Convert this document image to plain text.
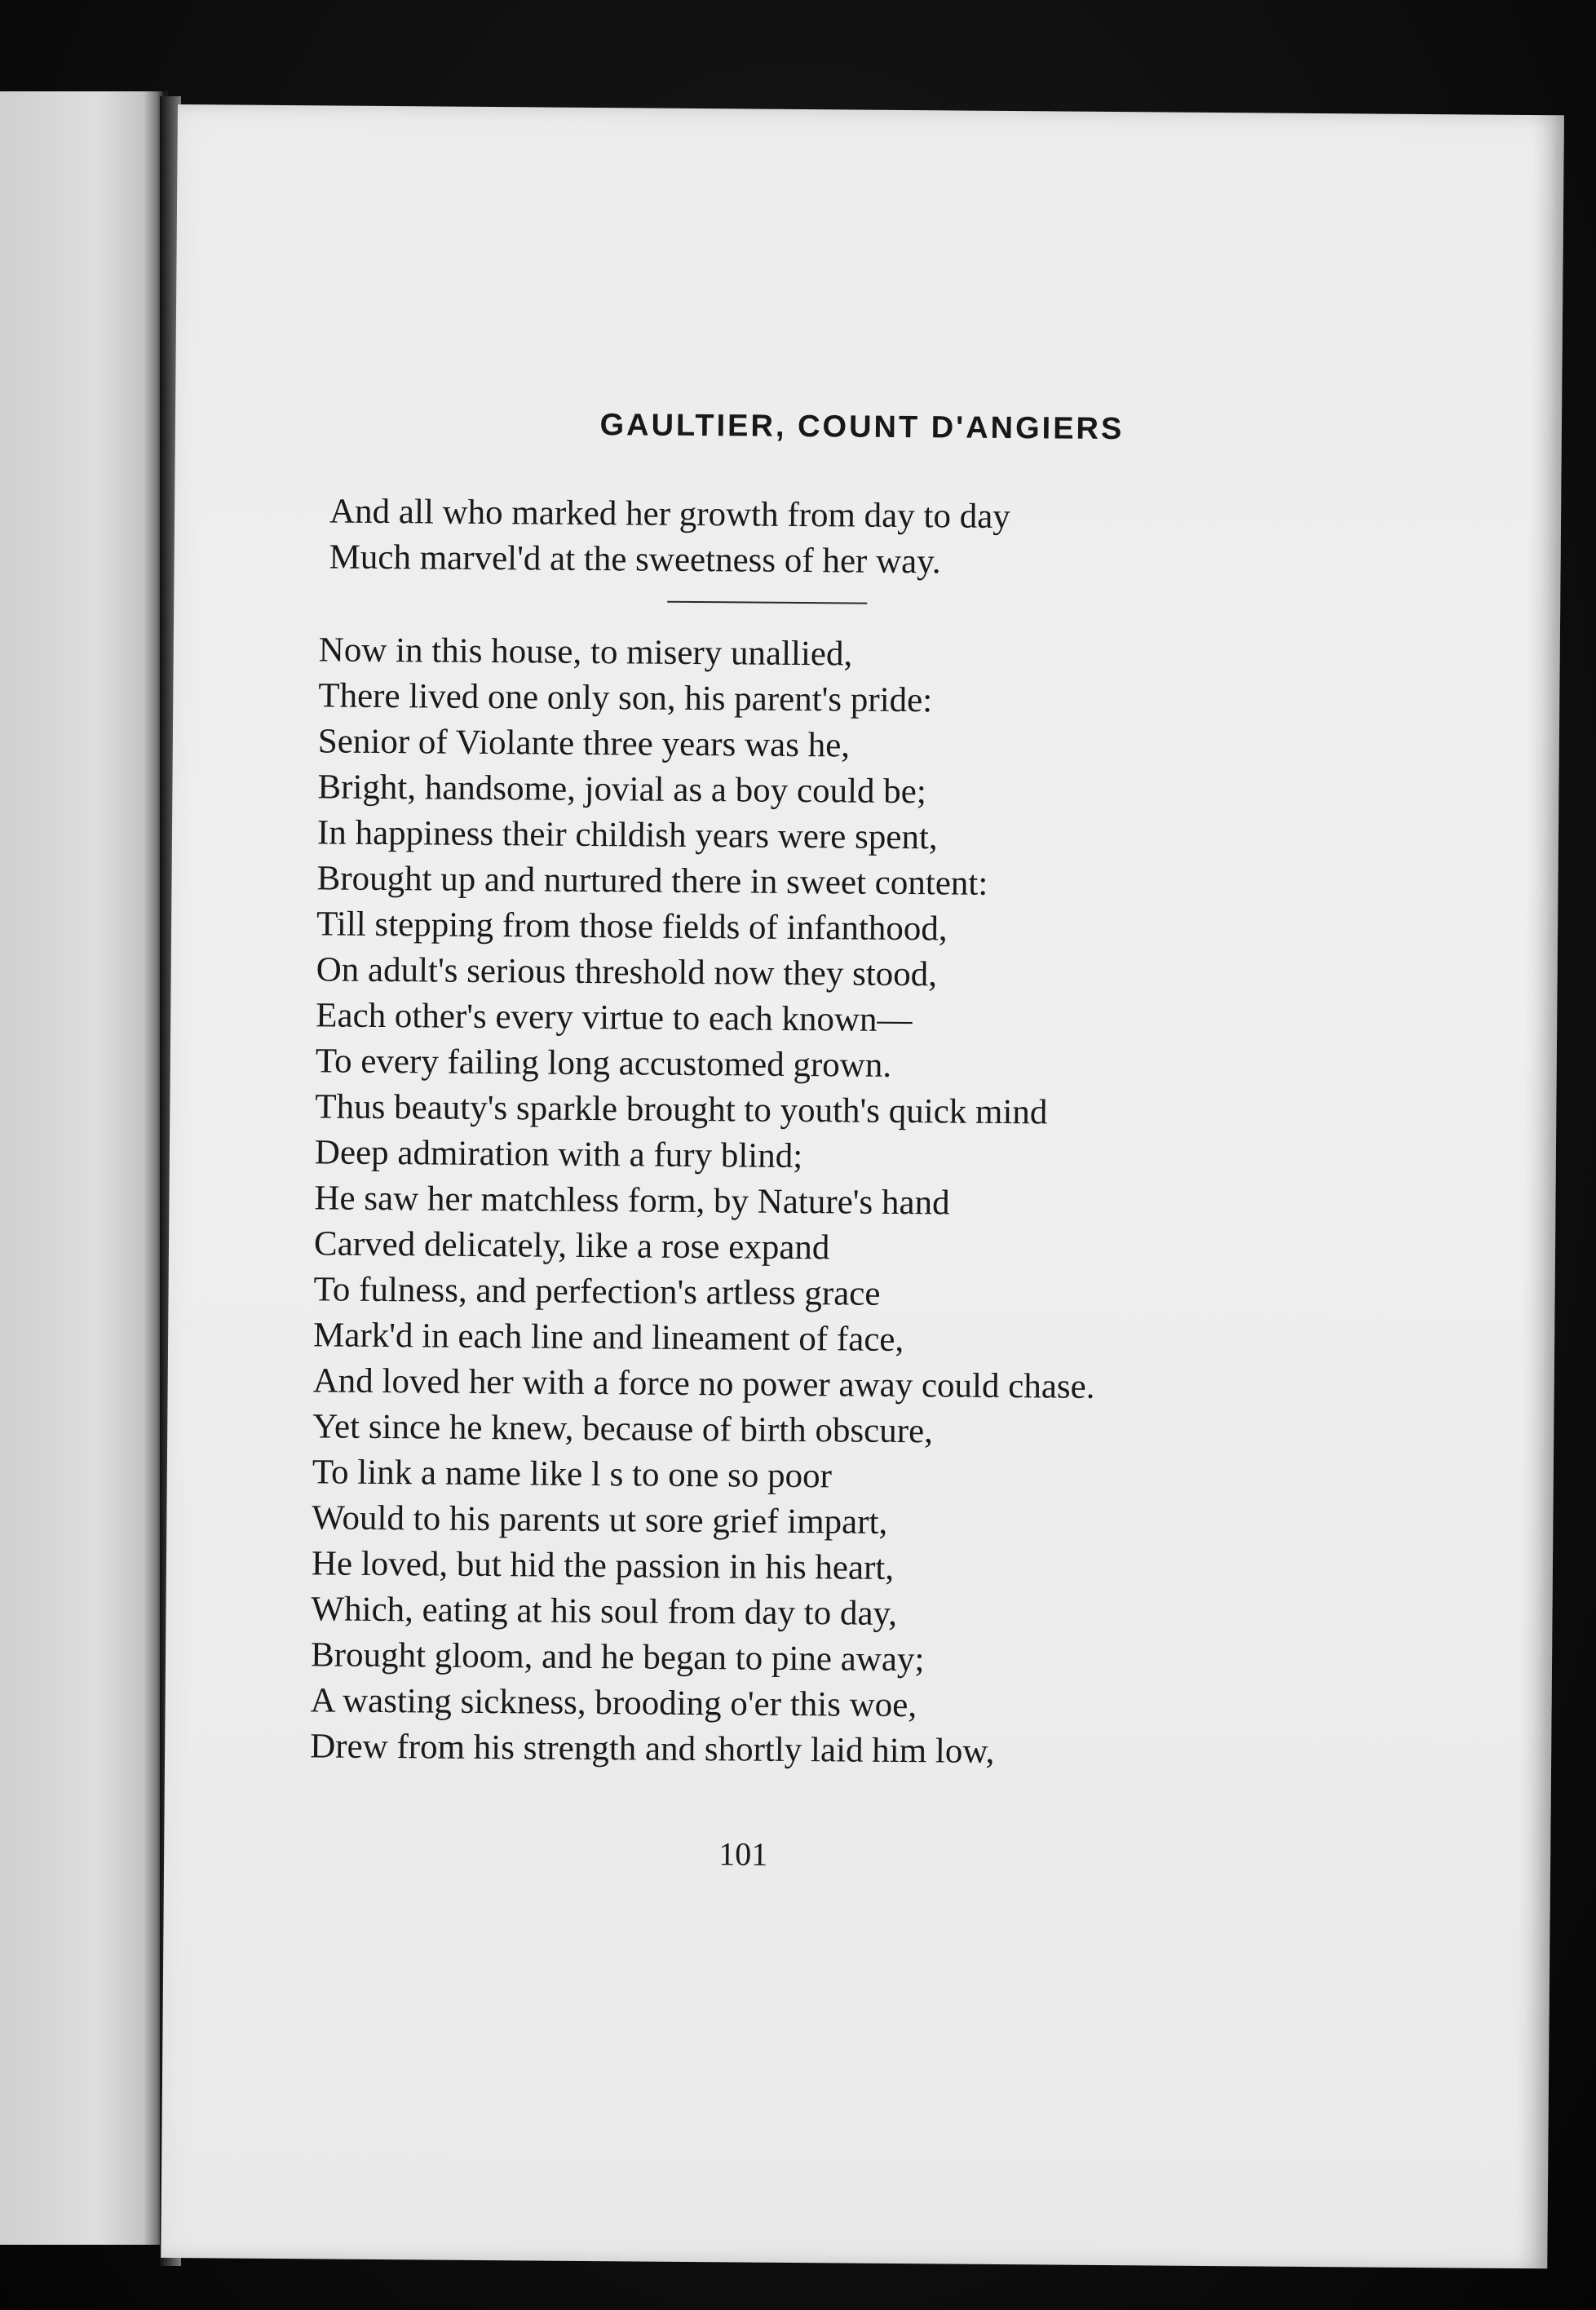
GAULTIER, COUNT D'ANGIERS
And all who marked her growth from day to day
Much marvel'd at the sweetness of her way.
Now in this house, to misery unallied,
There lived one only son, his parent's pride:
Senior of Violante three years was he,
Bright, handsome, jovial as a boy could be;
In happiness their childish years were spent,
Brought up and nurtured there in sweet content:
Till stepping from those fields of infanthood,
On adult's serious threshold now they stood,
Each other's every virtue to each known—
To every failing long accustomed grown.
Thus beauty's sparkle brought to youth's quick mind
Deep admiration with a fury blind;
He saw her matchless form, by Nature's hand
Carved delicately, like a rose expand
To fulness, and perfection's artless grace
Mark'd in each line and lineament of face,
And loved her with a force no power away could chase.
Yet since he knew, because of birth obscure,
To link a name like l s to one so poor
Would to his parents ut sore grief impart,
He loved, but hid the passion in his heart,
Which, eating at his soul from day to day,
Brought gloom, and he began to pine away;
A wasting sickness, brooding o'er this woe,
Drew from his strength and shortly laid him low,
101
